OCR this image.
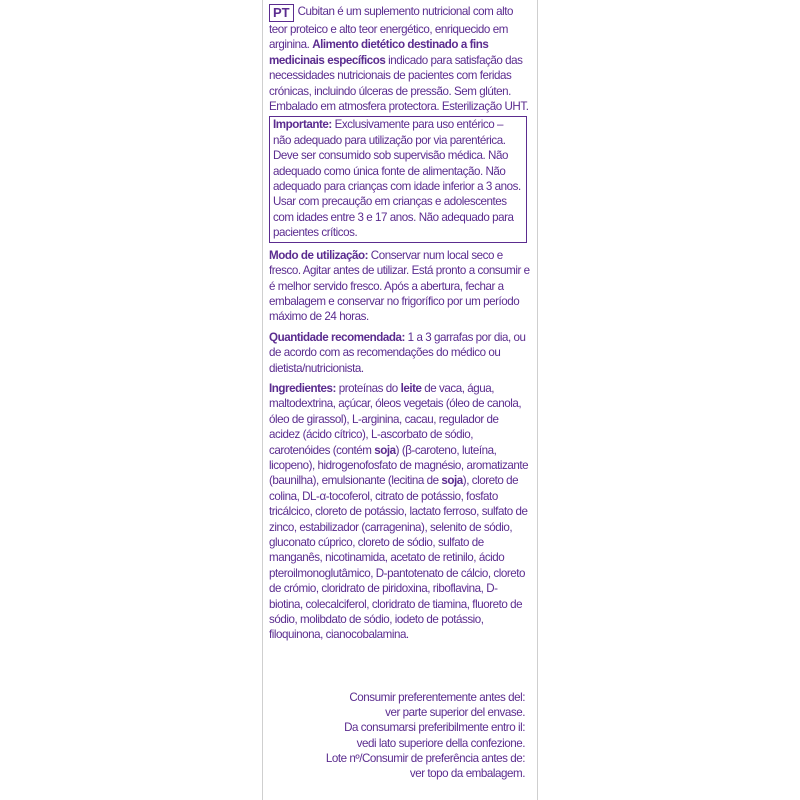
PT Cubitan é um suplemento nutricional com alto teor proteico e alto teor energético, enriquecido em arginina. Alimento dietético destinado a fins medicinais específicos indicado para satisfação das necessidades nutricionais de pacientes com feridas crónicas, incluindo úlceras de pressão. Sem glúten. Embalado em atmosfera protectora. Esterilização UHT.

Importante: Exclusivamente para uso entérico – não adequado para utilização por via parentérica. Deve ser consumido sob supervisão médica. Não adequado como única fonte de alimentação. Não adequado para crianças com idade inferior a 3 anos. Usar com precaução em crianças e adolescentes com idades entre 3 e 17 anos. Não adequado para pacientes críticos.

Modo de utilização: Conservar num local seco e fresco. Agitar antes de utilizar. Está pronto a consumir e é melhor servido fresco. Após a abertura, fechar a embalagem e conservar no frigorífico por um período máximo de 24 horas.

Quantidade recomendada: 1 a 3 garrafas por dia, ou de acordo com as recomendações do médico ou dietista/nutricionista.

Ingredientes: proteínas do leite de vaca, água, maltodextrina, açúcar, óleos vegetais (óleo de canola, óleo de girassol), L-arginina, cacau, regulador de acidez (ácido cítrico), L-ascorbato de sódio, carotenóides (contém soja) (β-caroteno, luteína, licopeno), hidrogenofosfato de magnésio, aromatizante (baunilha), emulsionante (lecitina de soja), cloreto de colina, DL-α-tocoferol, citrato de potássio, fosfato tricálcico, cloreto de potássio, lactato ferroso, sulfato de zinco, estabilizador (carragenina), selenito de sódio, gluconato cúprico, cloreto de sódio, sulfato de manganês, nicotinamida, acetato de retinilo, ácido pteroilmonoglutâmico, D-pantotenato de cálcio, cloreto de crómio, cloridrato de piridoxina, riboflavina, D-biotina, colecalciferol, cloridrato de tiamina, fluoreto de sódio, molibdato de sódio, iodeto de potássio, filoquinona, cianocobalamina.

Consumir preferentemente antes del:
ver parte superior del envase.
Da consumarsi preferibilmente entro il:
vedi lato superiore della confezione.
Lote nº/Consumir de preferência antes de:
ver topo da embalagem.
